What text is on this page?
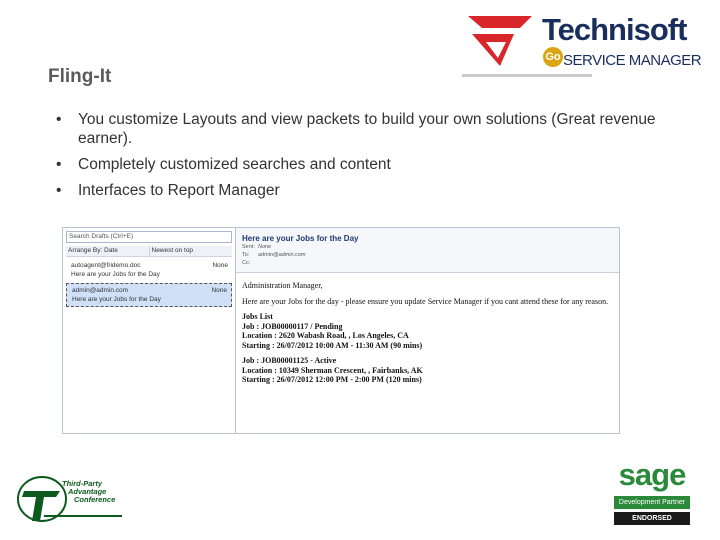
Technisoft
Go SERVICE MANAGER
Fling-It
• You customize Layouts and view packets to build your own solutions (Great revenue earner).
• Completely customized searches and content
• Interfaces to Report Manager
Search Drafts (Ctrl+E)
Arrange By: Date	Newest on top
autoagent@fridemo.doc	None
Here are your Jobs for the Day
admin@admin.com	None
Here are your Jobs for the Day
Here are your Jobs for the Day
Sent: None
To: admin@admin.com
Cc:

Administration Manager,

Here are your Jobs for the day - please ensure you update Service Manager if you cant attend these for any reason.

Jobs List
Job : JOB00000117 / Pending
Location : 2620 Wabash Road, , Los Angeles, CA
Starting : 26/07/2012 10:00 AM - 11:30 AM (90 mins)
Job : JOB00001125 - Active
Location : 10349 Sherman Crescent, , Fairbanks, AK
Starting : 26/07/2012 12:00 PM - 2:00 PM (120 mins)
Third-Party
Advantage
Conference
sage
Development Partner
ENDORSED
